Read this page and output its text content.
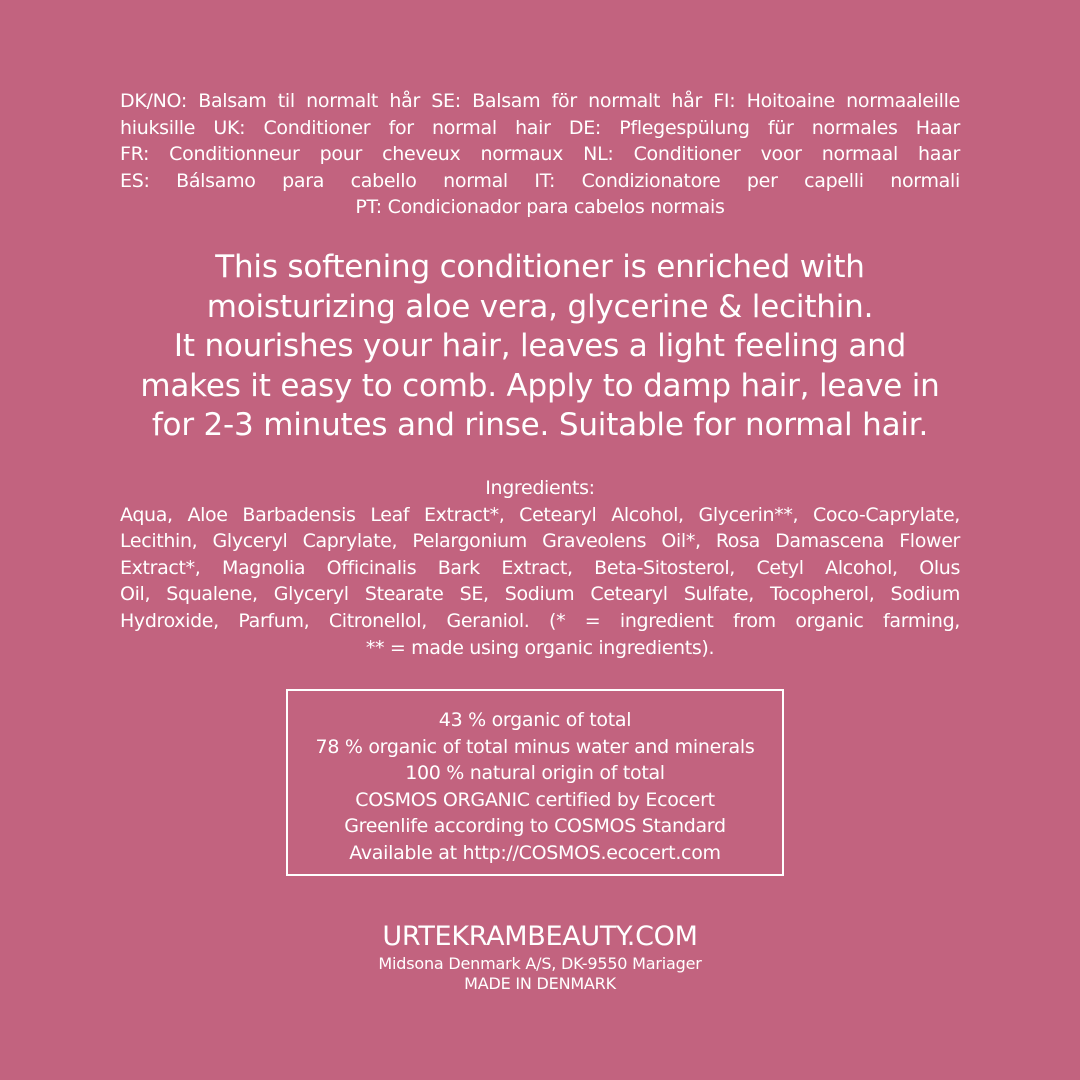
DK/NO: Balsam til normalt hår SE: Balsam för normalt hår FI: Hoitoaine normaaleille
hiuksille UK: Conditioner for normal hair DE: Pflegespülung für normales Haar
FR: Conditionneur pour cheveux normaux NL: Conditioner voor normaal haar
ES: Bálsamo para cabello normal IT: Condizionatore per capelli normali
PT: Condicionador para cabelos normais
This softening conditioner is enriched with
moisturizing aloe vera, glycerine & lecithin.
It nourishes your hair, leaves a light feeling and
makes it easy to comb. Apply to damp hair, leave in
for 2-3 minutes and rinse. Suitable for normal hair.
Ingredients:
Aqua, Aloe Barbadensis Leaf Extract*, Cetearyl Alcohol, Glycerin**, Coco-Caprylate,
Lecithin, Glyceryl Caprylate, Pelargonium Graveolens Oil*, Rosa Damascena Flower
Extract*, Magnolia Officinalis Bark Extract, Beta-Sitosterol, Cetyl Alcohol, Olus
Oil, Squalene, Glyceryl Stearate SE, Sodium Cetearyl Sulfate, Tocopherol, Sodium
Hydroxide, Parfum, Citronellol, Geraniol. (* = ingredient from organic farming,
** = made using organic ingredients).
43 % organic of total
78 % organic of total minus water and minerals
100 % natural origin of total
COSMOS ORGANIC certified by Ecocert
Greenlife according to COSMOS Standard
Available at http://COSMOS.ecocert.com
URTEKRAMBEAUTY.COM
Midsona Denmark A/S, DK-9550 Mariager
MADE IN DENMARK
